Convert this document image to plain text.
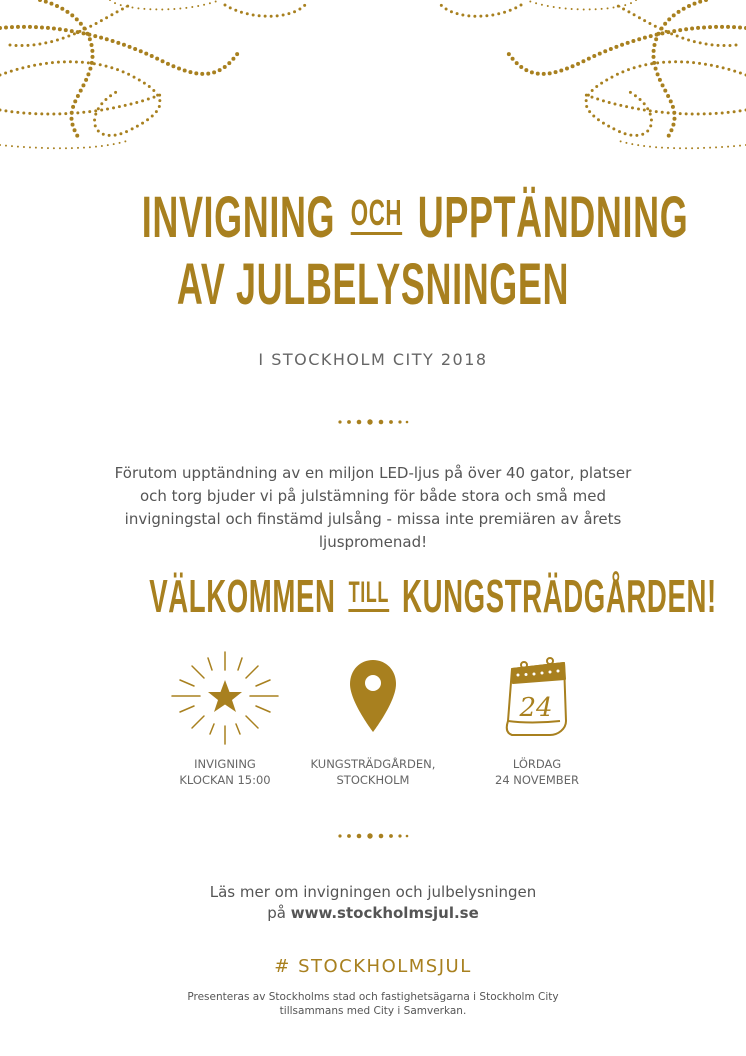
INVIGNING OCH UPPTÄNDNING
AV JULBELYSNINGEN
I STOCKHOLM CITY 2018
Förutom upptändning av en miljon LED-ljus på över 40 gator, platser och torg bjuder vi på julstämning för både stora och små med invigningstal och finstämd julsång - missa inte premiären av årets ljuspromenad!
VÄLKOMMEN TILL KUNGSTRÄDGÅRDEN!
INVIGNING
KLOCKAN 15:00
KUNGSTRÄDGÅRDEN,
STOCKHOLM
24
LÖRDAG
24 NOVEMBER
Läs mer om invigningen och julbelysningen
på www.stockholmsjul.se
# STOCKHOLMSJUL
Presenteras av Stockholms stad och fastighetsägarna i Stockholm City
tillsammans med City i Samverkan.
